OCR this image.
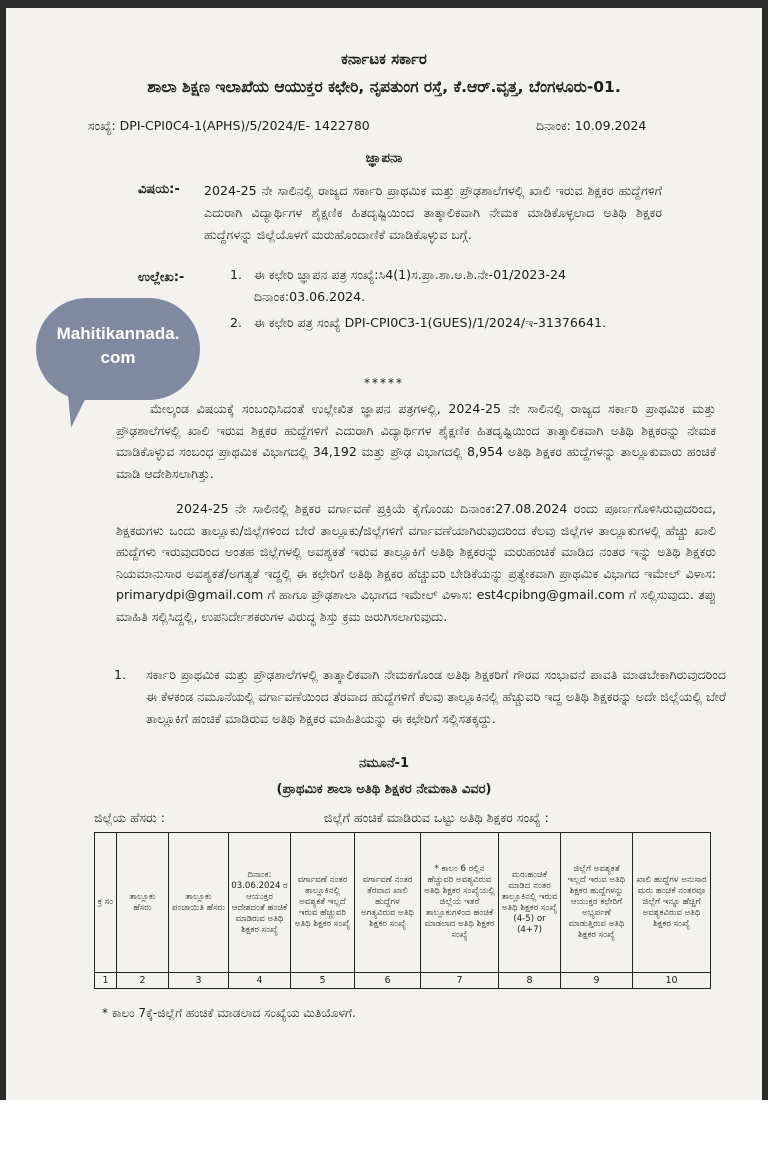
ಕರ್ನಾಟಕ ಸರ್ಕಾರ
ಶಾಲಾ ಶಿಕ್ಷಣ ಇಲಾಖೆಯ ಆಯುಕ್ತರ ಕಛೇರಿ, ನೃಪತುಂಗ ರಸ್ತೆ, ಕೆ.ಆರ್.ವೃತ್ತ, ಬೆಂಗಳೂರು-01.
ಸಂಖ್ಯೆ: DPI-CPI0C4-1(APHS)/5/2024/E- 1422780	ದಿನಾಂಕ: 10.09.2024
ಜ್ಞಾಪನಾ
ವಿಷಯ:- 2024-25 ನೇ ಸಾಲಿನಲ್ಲಿ ರಾಜ್ಯದ ಸರ್ಕಾರಿ ಪ್ರಾಥಮಿಕ ಮತ್ತು ಪ್ರೌಢಶಾಲೆಗಳಲ್ಲಿ ಖಾಲಿ ಇರುವ ಶಿಕ್ಷಕರ ಹುದ್ದೆಗಳಿಗೆ ಎದುರಾಗಿ ವಿದ್ಯಾರ್ಥಿಗಳ ಶೈಕ್ಷಣಿಕ ಹಿತದೃಷ್ಟಿಯಿಂದ ತಾತ್ಕಾಲಿಕವಾಗಿ ನೇಮಕ ಮಾಡಿಕೊಳ್ಳಲಾದ ಅತಿಥಿ ಶಿಕ್ಷಕರ ಹುದ್ದೆಗಳನ್ನು ಜಿಲ್ಲೆಯೊಳಗೆ ಮರುಹೊಂದಾಣಿಕೆ ಮಾಡಿಕೊಳ್ಳುವ ಬಗ್ಗೆ.
ಉಲ್ಲೇಖ:-	1. ಈ ಕಛೇರಿ ಜ್ಞಾಪನ ಪತ್ರ ಸಂಖ್ಯೆ:ಸಿ4(1)ಸ.ಪ್ರಾ.ಶಾ.ಅ.ಶಿ.ನೇ-01/2023-24 ದಿನಾಂಕ:03.06.2024.
2. ಈ ಕಛೇರಿ ಪತ್ರ ಸಂಖ್ಯೆ DPI-CPI0C3-1(GUES)/1/2024/ಇ-31376641.
*****
ಮೇಲ್ಕಂಡ ವಿಷಯಕ್ಕೆ ಸಂಬಂಧಿಸಿದಂತೆ ಉಲ್ಲೇಖಿತ ಜ್ಞಾಪನ ಪತ್ರಗಳಲ್ಲಿ, 2024-25 ನೇ ಸಾಲಿನಲ್ಲಿ ರಾಜ್ಯದ ಸರ್ಕಾರಿ ಪ್ರಾಥಮಿಕ ಮತ್ತು ಪ್ರೌಢಶಾಲೆಗಳಲ್ಲಿ ಖಾಲಿ ಇರುವ ಶಿಕ್ಷಕರ ಹುದ್ದೆಗಳಿಗೆ ಎದುರಾಗಿ ವಿದ್ಯಾರ್ಥಿಗಳ ಶೈಕ್ಷಣಿಕ ಹಿತದೃಷ್ಟಿಯಿಂದ ತಾತ್ಕಾಲಿಕವಾಗಿ ಅತಿಥಿ ಶಿಕ್ಷಕರನ್ನು ನೇಮಕ ಮಾಡಿಕೊಳ್ಳುವ ಸಂಬಂಧ ಪ್ರಾಥಮಿಕ ವಿಭಾಗದಲ್ಲಿ 34,192 ಮತ್ತು ಪ್ರೌಢ ವಿಭಾಗದಲ್ಲಿ 8,954 ಅತಿಥಿ ಶಿಕ್ಷಕರ ಹುದ್ದೆಗಳನ್ನು ತಾಲ್ಲೂಕುವಾರು ಹಂಚಿಕೆ ಮಾಡಿ ಆದೇಶಿಸಲಾಗಿತ್ತು.
2024-25 ನೇ ಸಾಲಿನಲ್ಲಿ ಶಿಕ್ಷಕರ ವರ್ಗಾವಣೆ ಪ್ರಕ್ರಿಯೆ ಕೈಗೊಂಡು ದಿನಾಂಕ:27.08.2024 ರಂದು ಪೂರ್ಣಗೊಳಿಸಿರುವುದರಿಂದ, ಶಿಕ್ಷಕರುಗಳು ಒಂದು ತಾಲ್ಲೂಕು/ಜಿಲ್ಲೆಗಳಿಂದ ಬೇರೆ ತಾಲ್ಲೂಕು/ಜಿಲ್ಲೆಗಳಿಗೆ ವರ್ಗಾವಣೆಯಾಗಿರುವುದರಿಂದ ಕೆಲವು ಜಿಲ್ಲೆಗಳ ತಾಲ್ಲೂಕುಗಳಲ್ಲಿ ಹೆಚ್ಚು ಖಾಲಿ ಹುದ್ದೆಗಳು ಇರುವುದರಿಂದ ಅಂತಹ ಜಿಲ್ಲೆಗಳಲ್ಲಿ ಅವಶ್ಯಕತೆ ಇರುವ ತಾಲ್ಲೂಕಿಗೆ ಅತಿಥಿ ಶಿಕ್ಷಕರನ್ನು ಮರುಹಂಚಿಕೆ ಮಾಡಿದ ನಂತರ ಇನ್ನು ಅತಿಥಿ ಶಿಕ್ಷಕರು ನಿಯಮಾನುಸಾರ ಅವಶ್ಯಕತೆ/ಅಗತ್ಯತೆ ಇದ್ದಲ್ಲಿ ಈ ಕಛೇರಿಗೆ ಅತಿಥಿ ಶಿಕ್ಷಕರ ಹೆಚ್ಚುವರಿ ಬೇಡಿಕೆಯನ್ನು ಪ್ರತ್ಯೇಕವಾಗಿ ಪ್ರಾಥಮಿಕ ವಿಭಾಗದ ಇಮೇಲ್ ವಿಳಾಸ: primarydpi@gmail.com ಗೆ ಹಾಗೂ ಪ್ರೌಢಶಾಲಾ ವಿಭಾಗದ ಇಮೇಲ್ ವಿಳಾಸ: est4cpibng@gmail.com ಗೆ ಸಲ್ಲಿಸುವುದು. ತಪ್ಪು ಮಾಹಿತಿ ಸಲ್ಲಿಸಿದ್ದಲ್ಲಿ, ಉಪನಿರ್ದೇಶಕರುಗಳ ವಿರುದ್ಧ ಶಿಸ್ತು ಕ್ರಮ ಜರುಗಿಸಲಾಗುವುದು.
1. ಸರ್ಕಾರಿ ಪ್ರಾಥಮಿಕ ಮತ್ತು ಪ್ರೌಢಶಾಲೆಗಳಲ್ಲಿ ತಾತ್ಕಾಲಿಕವಾಗಿ ನೇಮಕಗೊಂಡ ಅತಿಥಿ ಶಿಕ್ಷಕರಿಗೆ ಗೌರವ ಸಂಭಾವನೆ ಪಾವತಿ ಮಾಡಬೇಕಾಗಿರುವುದರಿಂದ ಈ ಕೆಳಕಂಡ ನಮೂನೆಯಲ್ಲಿ ವರ್ಗಾವಣೆಯಿಂದ ತೆರವಾದ ಹುದ್ದೆಗಳಿಗೆ ಕೆಲವು ತಾಲ್ಲೂಕಿನಲ್ಲಿ ಹೆಚ್ಚುವರಿ ಇದ್ದ ಅತಿಥಿ ಶಿಕ್ಷಕರನ್ನು ಅದೇ ಜಿಲ್ಲೆಯಲ್ಲಿ ಬೇರೆ ತಾಲ್ಲೂಕಿಗೆ ಹಂಚಿಕೆ ಮಾಡಿರುವ ಅತಿಥಿ ಶಿಕ್ಷಕರ ಮಾಹಿತಿಯನ್ನು ಈ ಕಛೇರಿಗೆ ಸಲ್ಲಿಸತಕ್ಕದ್ದು.
ನಮೂನೆ-1
(ಪ್ರಾಥಮಿಕ ಶಾಲಾ ಅತಿಥಿ ಶಿಕ್ಷಕರ ನೇಮಕಾತಿ ವಿವರ)
ಜಿಲ್ಲೆಯ ಹೆಸರು :	ಜಿಲ್ಲೆಗೆ ಹಂಚಿಕೆ ಮಾಡಿರುವ ಒಟ್ಟು ಅತಿಥಿ ಶಿಕ್ಷಕರ ಸಂಖ್ಯೆ :
ಕ್ರ ಸಂ	ತಾಲ್ಲೂಕು ಹೆಸರು	ತಾಲ್ಲೂಕು ಪಂಚಾಯಿತಿ ಹೆಸರು	ದಿನಾಂಕ: 03.06.2024 ರ ಆಯುಕ್ತರ ಆದೇಶದಂತೆ ಹಂಚಿಕೆ ಮಾಡಿರುವ ಅತಿಥಿ ಶಿಕ್ಷಕರ ಸಂಖ್ಯೆ	ವರ್ಗಾವಣೆ ನಂತರ ತಾಲ್ಲೂಕಿನಲ್ಲಿ ಅವಶ್ಯಕತೆ ಇಲ್ಲದೆ ಇರುವ ಹೆಚ್ಚುವರಿ ಅತಿಥಿ ಶಿಕ್ಷಕರ ಸಂಖ್ಯೆ	ವರ್ಗಾವಣೆ ನಂತರ ತೆರವಾದ ಖಾಲಿ ಹುದ್ದೆಗಳ ಅಗತ್ಯವಿರುವ ಅತಿಥಿ ಶಿಕ್ಷಕರ ಸಂಖ್ಯೆ	* ಕಾಲಂ 6 ರಲ್ಲಿನ ಹೆಚ್ಚುವರಿ ಅವಶ್ಯವಿರುವ ಅತಿಥಿ ಶಿಕ್ಷಕರ ಸಂಖ್ಯೆಯಲ್ಲಿ ಜಿಲ್ಲೆಯ ಇತರೆ ತಾಲ್ಲೂಕುಗಳಿಂದ ಹಂಚಿಕೆ ಮಾಡಲಾದ ಅತಿಥಿ ಶಿಕ್ಷಕರ ಸಂಖ್ಯೆ	ಮರುಹಂಚಿಕೆ ಮಾಡಿದ ನಂತರ ತಾಲ್ಲೂಕಿನಲ್ಲಿ ಇರುವ ಅತಿಥಿ ಶಿಕ್ಷಕರ ಸಂಖ್ಯೆ (4-5) or (4+7)	ಜಿಲ್ಲೆಗೆ ಅವಶ್ಯಕತೆ ಇಲ್ಲದೆ ಇರುವ ಅತಿಥಿ ಶಿಕ್ಷಕರ ಹುದ್ದೆಗಳನ್ನು ಆಯುಕ್ತರ ಕಛೇರಿಗೆ ಅಭ್ಯರ್ಪಣೆ ಮಾಡುತ್ತಿರುವ ಅತಿಥಿ ಶಿಕ್ಷಕರ ಸಂಖ್ಯೆ	ಖಾಲಿ ಹುದ್ದೆಗಳ ಅನುಸಾರ ಮರು ಹಂಚಿಕೆ ನಂತರವೂ ಜಿಲ್ಲೆಗೆ ಇನ್ನೂ ಹೆಚ್ಚಿಗೆ ಅವಶ್ಯಕವಿರುವ ಅತಿಥಿ ಶಿಕ್ಷಕರ ಸಂಖ್ಯೆ
1	2	3	4	5	6	7	8	9	10
* ಕಾಲಂ 7ಕ್ಕೆ-ಜಿಲ್ಲೆಗೆ ಹಂಚಿಕೆ ಮಾಡಲಾದ ಸಂಖ್ಯೆಯ ಮಿತಿಯೊಳಗೆ.
Mahitikannada.
com
